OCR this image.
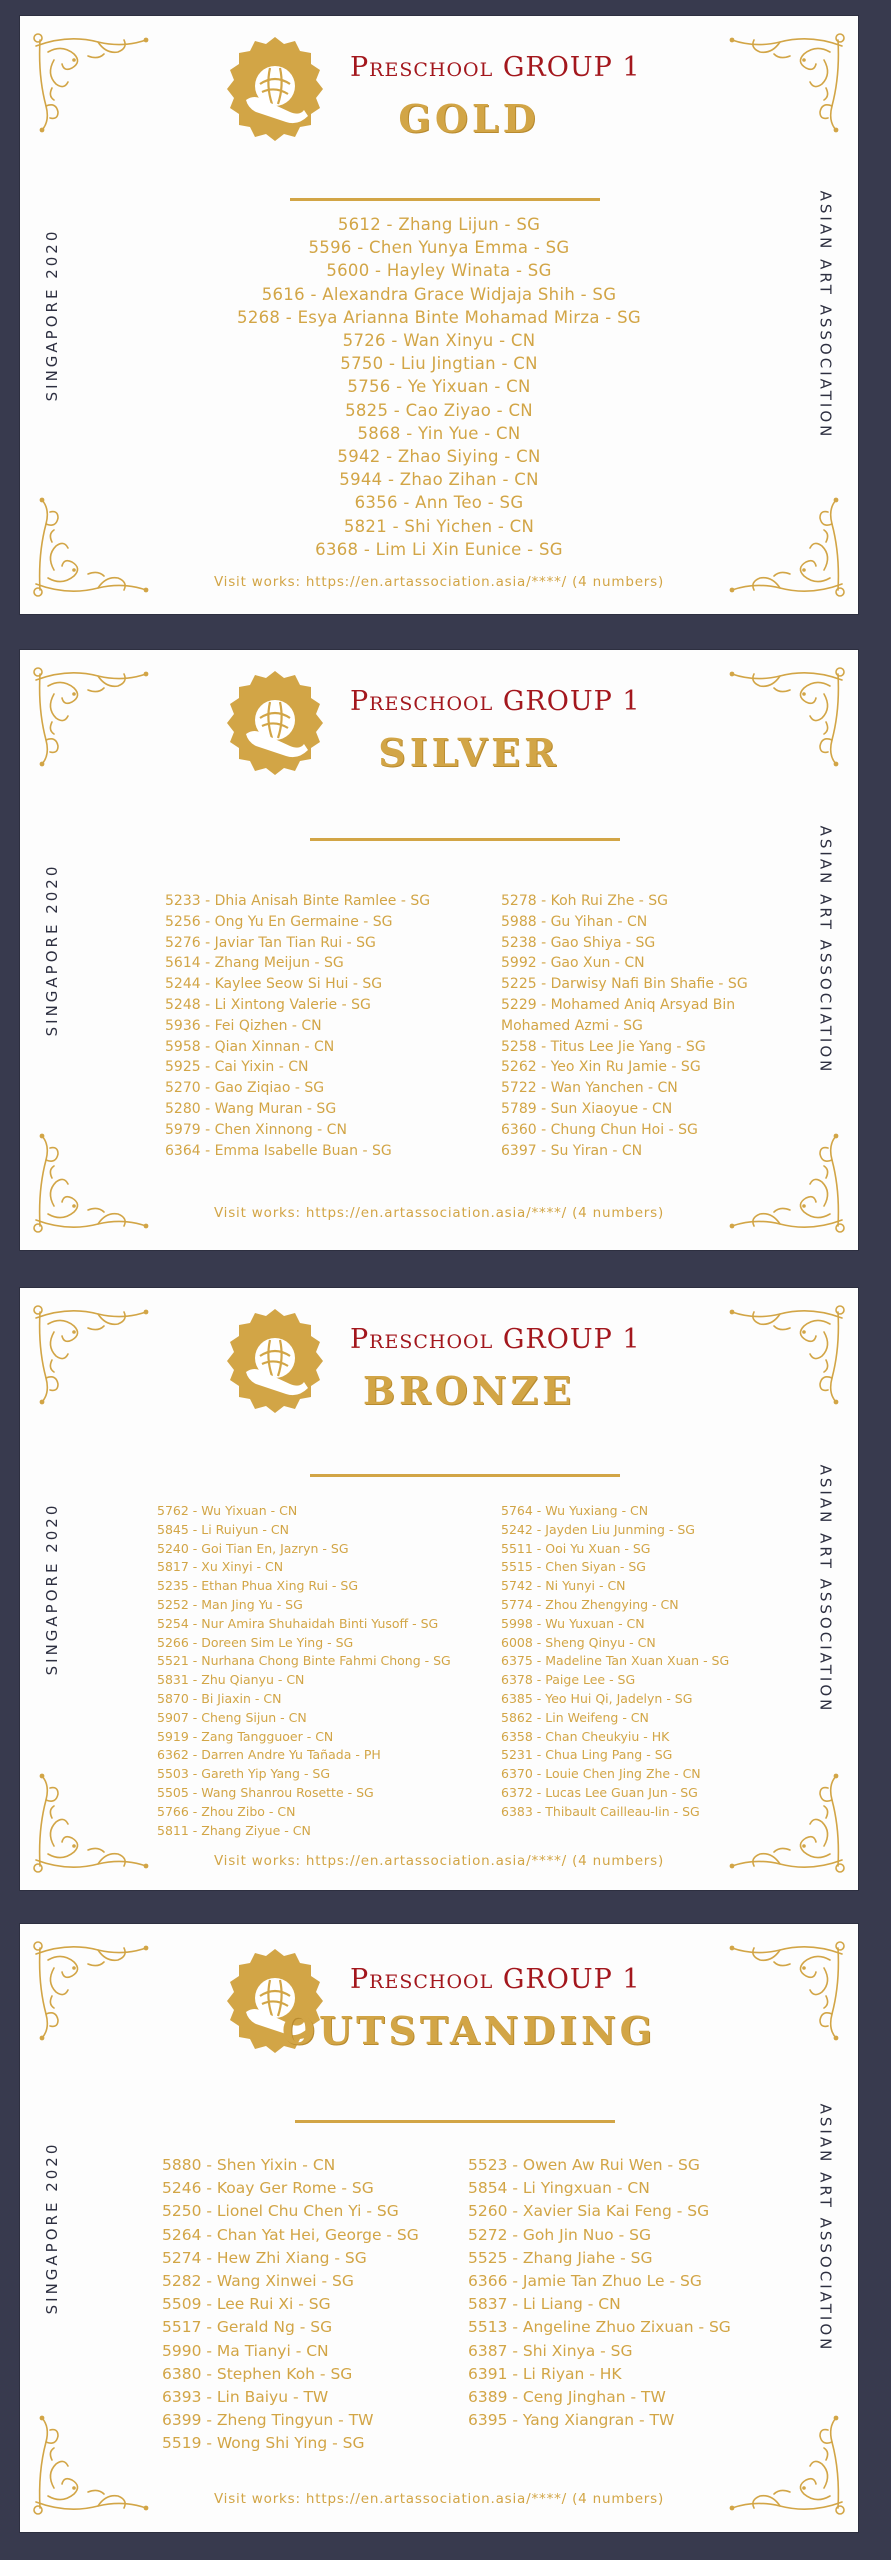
SINGAPORE 2020	ASIAN ART ASSOCIATION
Preschool GROUP 1
GOLD
5612 - Zhang Lijun - SG
5596 - Chen Yunya Emma - SG
5600 - Hayley Winata - SG
5616 - Alexandra Grace Widjaja Shih - SG
5268 - Esya Arianna Binte Mohamad Mirza - SG
5726 - Wan Xinyu - CN
5750 - Liu Jingtian - CN
5756 - Ye Yixuan - CN
5825 - Cao Ziyao - CN
5868 - Yin Yue - CN
5942 - Zhao Siying - CN
5944 - Zhao Zihan - CN
6356 - Ann Teo - SG
5821 - Shi Yichen - CN
6368 - Lim Li Xin Eunice - SG
Visit works: https://en.artassociation.asia/****/ (4 numbers)
SINGAPORE 2020	ASIAN ART ASSOCIATION
Preschool GROUP 1
SILVER
5233 - Dhia Anisah Binte Ramlee - SG
5256 - Ong Yu En Germaine - SG
5276 - Javiar Tan Tian Rui - SG
5614 - Zhang Meijun - SG
5244 - Kaylee Seow Si Hui - SG
5248 - Li Xintong Valerie - SG
5936 - Fei Qizhen - CN
5958 - Qian Xinnan - CN
5925 - Cai Yixin - CN
5270 - Gao Ziqiao - SG
5280 - Wang Muran - SG
5979 - Chen Xinnong - CN
6364 - Emma Isabelle Buan - SG
5278 - Koh Rui Zhe - SG
5988 - Gu Yihan - CN
5238 - Gao Shiya - SG
5992 - Gao Xun - CN
5225 - Darwisy Nafi Bin Shafie - SG
5229 - Mohamed Aniq Arsyad Bin
Mohamed Azmi - SG
5258 - Titus Lee Jie Yang - SG
5262 - Yeo Xin Ru Jamie - SG
5722 - Wan Yanchen - CN
5789 - Sun Xiaoyue - CN
6360 - Chung Chun Hoi - SG
6397 - Su Yiran - CN
Visit works: https://en.artassociation.asia/****/ (4 numbers)
SINGAPORE 2020	ASIAN ART ASSOCIATION
Preschool GROUP 1
BRONZE
5762 - Wu Yixuan - CN
5845 - Li Ruiyun - CN
5240 - Goi Tian En, Jazryn - SG
5817 - Xu Xinyi - CN
5235 - Ethan Phua Xing Rui - SG
5252 - Man Jing Yu - SG
5254 - Nur Amira Shuhaidah Binti Yusoff - SG
5266 - Doreen Sim Le Ying - SG
5521 - Nurhana Chong Binte Fahmi Chong - SG
5831 - Zhu Qianyu - CN
5870 - Bi Jiaxin - CN
5907 - Cheng Sijun - CN
5919 - Zang Tangguoer - CN
6362 - Darren Andre Yu Tañada - PH
5503 - Gareth Yip Yang - SG
5505 - Wang Shanrou Rosette - SG
5766 - Zhou Zibo - CN
5811 - Zhang Ziyue - CN
5764 - Wu Yuxiang - CN
5242 - Jayden Liu Junming - SG
5511 - Ooi Yu Xuan - SG
5515 - Chen Siyan - SG
5742 - Ni Yunyi - CN
5774 - Zhou Zhengying - CN
5998 - Wu Yuxuan - CN
6008 - Sheng Qinyu - CN
6375 - Madeline Tan Xuan Xuan - SG
6378 - Paige Lee - SG
6385 - Yeo Hui Qi, Jadelyn - SG
5862 - Lin Weifeng - CN
6358 - Chan Cheukyiu - HK
5231 - Chua Ling Pang - SG
6370 - Louie Chen Jing Zhe - CN
6372 - Lucas Lee Guan Jun - SG
6383 - Thibault Cailleau-lin - SG
Visit works: https://en.artassociation.asia/****/ (4 numbers)
SINGAPORE 2020	ASIAN ART ASSOCIATION
Preschool GROUP 1
OUTSTANDING
5880 - Shen Yixin - CN
5246 - Koay Ger Rome - SG
5250 - Lionel Chu Chen Yi - SG
5264 - Chan Yat Hei, George - SG
5274 - Hew Zhi Xiang - SG
5282 - Wang Xinwei - SG
5509 - Lee Rui Xi - SG
5517 - Gerald Ng - SG
5990 - Ma Tianyi - CN
6380 - Stephen Koh - SG
6393 - Lin Baiyu - TW
6399 - Zheng Tingyun - TW
5519 - Wong Shi Ying - SG
5523 - Owen Aw Rui Wen - SG
5854 - Li Yingxuan - CN
5260 - Xavier Sia Kai Feng - SG
5272 - Goh Jin Nuo - SG
5525 - Zhang Jiahe - SG
6366 - Jamie Tan Zhuo Le - SG
5837 - Li Liang - CN
5513 - Angeline Zhuo Zixuan - SG
6387 - Shi Xinya - SG
6391 - Li Riyan - HK
6389 - Ceng Jinghan - TW
6395 - Yang Xiangran - TW
Visit works: https://en.artassociation.asia/****/ (4 numbers)
